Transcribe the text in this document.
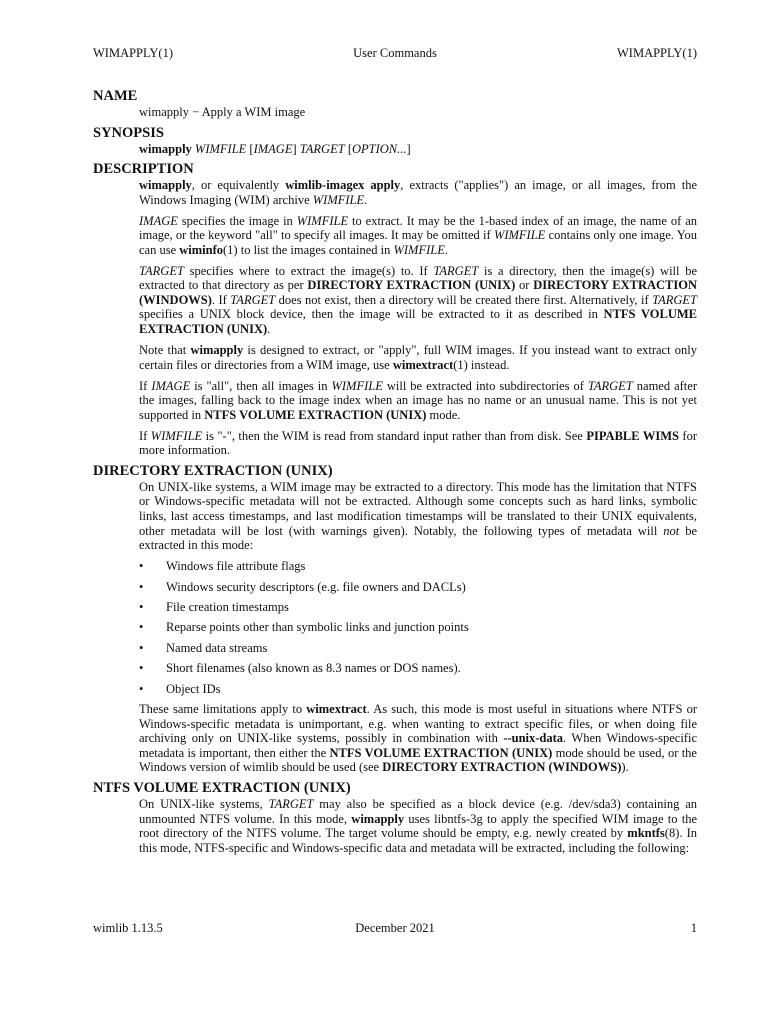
WIMAPPLY(1)	User Commands	WIMAPPLY(1)
NAME

wimapply − Apply a WIM image

SYNOPSIS

wimapply WIMFILE [IMAGE] TARGET [OPTION...]

DESCRIPTION

wimapply, or equivalently wimlib-imagex apply, extracts ("applies") an image, or all images, from the Windows Imaging (WIM) archive WIMFILE.

IMAGE specifies the image in WIMFILE to extract. It may be the 1-based index of an image, the name of an image, or the keyword "all" to specify all images. It may be omitted if WIMFILE contains only one image. You can use wiminfo(1) to list the images contained in WIMFILE.

TARGET specifies where to extract the image(s) to. If TARGET is a directory, then the image(s) will be extracted to that directory as per DIRECTORY EXTRACTION (UNIX) or DIRECTORY EXTRACTION (WINDOWS). If TARGET does not exist, then a directory will be created there first. Alternatively, if TARGET specifies a UNIX block device, then the image will be extracted to it as described in NTFS VOLUME EXTRACTION (UNIX).

Note that wimapply is designed to extract, or "apply", full WIM images. If you instead want to extract only certain files or directories from a WIM image, use wimextract(1) instead.

If IMAGE is "all", then all images in WIMFILE will be extracted into subdirectories of TARGET named after the images, falling back to the image index when an image has no name or an unusual name. This is not yet supported in NTFS VOLUME EXTRACTION (UNIX) mode.

If WIMFILE is "-", then the WIM is read from standard input rather than from disk. See PIPABLE WIMS for more information.

DIRECTORY EXTRACTION (UNIX)

On UNIX-like systems, a WIM image may be extracted to a directory. This mode has the limitation that NTFS or Windows-specific metadata will not be extracted. Although some concepts such as hard links, symbolic links, last access timestamps, and last modification timestamps will be translated to their UNIX equivalents, other metadata will be lost (with warnings given). Notably, the following types of metadata will not be extracted in this mode:

• Windows file attribute flags
• Windows security descriptors (e.g. file owners and DACLs)
• File creation timestamps
• Reparse points other than symbolic links and junction points
• Named data streams
• Short filenames (also known as 8.3 names or DOS names).
• Object IDs

These same limitations apply to wimextract. As such, this mode is most useful in situations where NTFS or Windows-specific metadata is unimportant, e.g. when wanting to extract specific files, or when doing file archiving only on UNIX-like systems, possibly in combination with --unix-data. When Windows-specific metadata is important, then either the NTFS VOLUME EXTRACTION (UNIX) mode should be used, or the Windows version of wimlib should be used (see DIRECTORY EXTRACTION (WINDOWS)).

NTFS VOLUME EXTRACTION (UNIX)

On UNIX-like systems, TARGET may also be specified as a block device (e.g. /dev/sda3) containing an unmounted NTFS volume. In this mode, wimapply uses libntfs-3g to apply the specified WIM image to the root directory of the NTFS volume. The target volume should be empty, e.g. newly created by mkntfs(8). In this mode, NTFS-specific and Windows-specific data and metadata will be extracted, including the following:

wimlib 1.13.5	December 2021	1
